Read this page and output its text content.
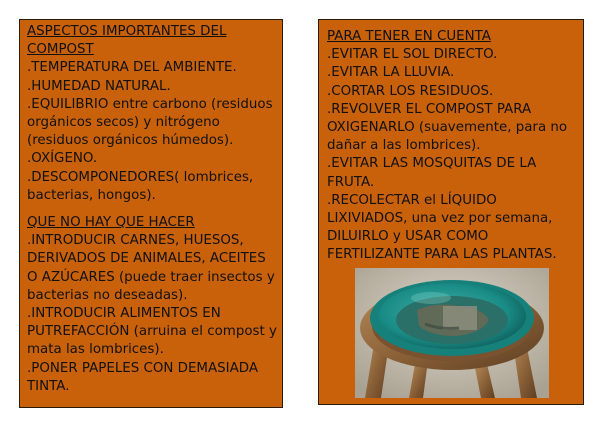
ASPECTOS IMPORTANTES DEL COMPOST
.TEMPERATURA DEL AMBIENTE.
.HUMEDAD NATURAL.
.EQUILIBRIO entre carbono (residuos orgánicos secos) y nitrógeno (residuos orgánicos húmedos).
.OXÍGENO.
.DESCOMPONEDORES( lombrices, bacterias, hongos).
QUE NO HAY QUE HACER
.INTRODUCIR CARNES, HUESOS, DERIVADOS DE ANIMALES, ACEITES O AZÚCARES (puede traer insectos y bacterias no deseadas).
.INTRODUCIR ALIMENTOS EN PUTREFACCIÓN (arruina el compost y mata las lombrices).
.PONER PAPELES CON DEMASIADA TINTA.
PARA TENER EN CUENTA
.EVITAR EL SOL DIRECTO.
.EVITAR LA LLUVIA.
.CORTAR LOS RESIDUOS.
.REVOLVER EL COMPOST PARA OXIGENARLO (suavemente, para no dañar a las lombrices).
.EVITAR LAS MOSQUITAS DE LA FRUTA.
.RECOLECTAR el LÍQUIDO LIXIVIADOS, una vez por semana, DILUIRLO y USAR COMO FERTILIZANTE PARA LAS PLANTAS.
